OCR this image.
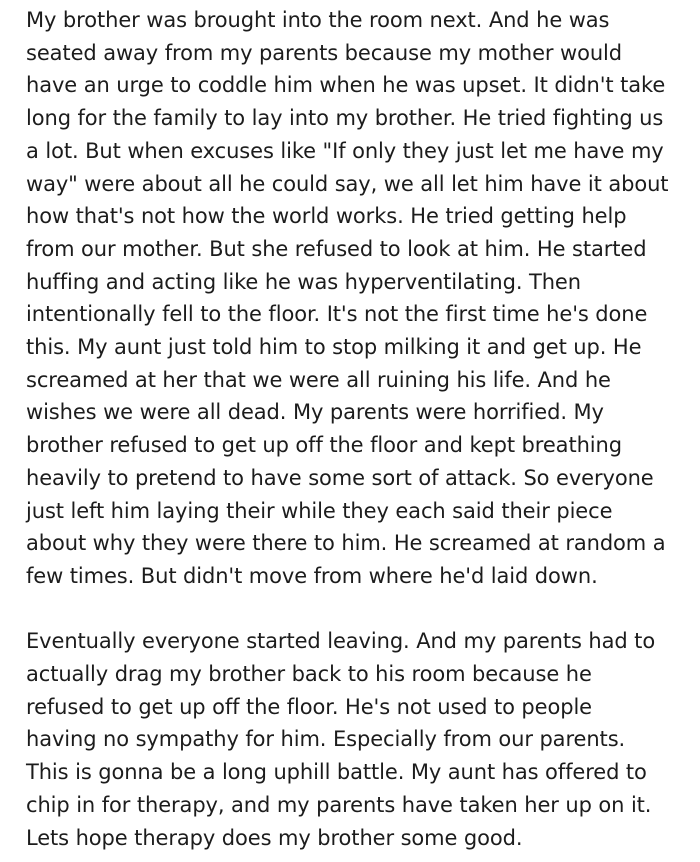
My brother was brought into the room next. And he was
seated away from my parents because my mother would
have an urge to coddle him when he was upset. It didn't take
long for the family to lay into my brother. He tried fighting us
a lot. But when excuses like "If only they just let me have my
way" were about all he could say, we all let him have it about
how that's not how the world works. He tried getting help
from our mother. But she refused to look at him. He started
huffing and acting like he was hyperventilating. Then
intentionally fell to the floor. It's not the first time he's done
this. My aunt just told him to stop milking it and get up. He
screamed at her that we were all ruining his life. And he
wishes we were all dead. My parents were horrified. My
brother refused to get up off the floor and kept breathing
heavily to pretend to have some sort of attack. So everyone
just left him laying their while they each said their piece
about why they were there to him. He screamed at random a
few times. But didn't move from where he'd laid down.

Eventually everyone started leaving. And my parents had to
actually drag my brother back to his room because he
refused to get up off the floor. He's not used to people
having no sympathy for him. Especially from our parents.
This is gonna be a long uphill battle. My aunt has offered to
chip in for therapy, and my parents have taken her up on it.
Lets hope therapy does my brother some good.
